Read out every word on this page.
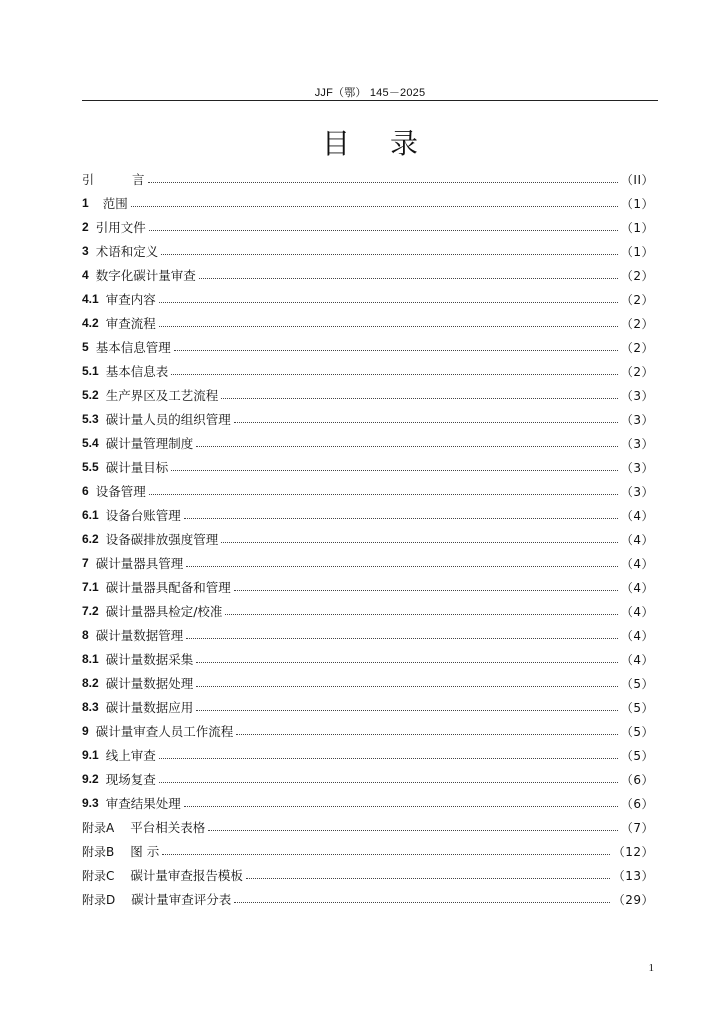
JJF（鄂） 145－2025
目录
引	言	（II）
1 范围	（1）
2 引用文件	（1）
3 术语和定义	（1）
4 数字化碳计量审查	（2）
4.1 审查内容	（2）
4.2 审查流程	（2）
5 基本信息管理	（2）
5.1 基本信息表	（2）
5.2 生产界区及工艺流程	（3）
5.3 碳计量人员的组织管理	（3）
5.4 碳计量管理制度	（3）
5.5 碳计量目标	（3）
6 设备管理	（3）
6.1 设备台账管理	（4）
6.2 设备碳排放强度管理	（4）
7 碳计量器具管理	（4）
7.1 碳计量器具配备和管理	（4）
7.2 碳计量器具检定/校准	（4）
8 碳计量数据管理	（4）
8.1 碳计量数据采集	（4）
8.2 碳计量数据处理	（5）
8.3 碳计量数据应用	（5）
9 碳计量审查人员工作流程	（5）
9.1 线上审查	（5）
9.2 现场复查	（6）
9.3 审查结果处理	（6）
附录A 平台相关表格	（7）
附录B 图 示	（12）
附录C 碳计量审查报告模板	（13）
附录D 碳计量审查评分表	（29）
1
